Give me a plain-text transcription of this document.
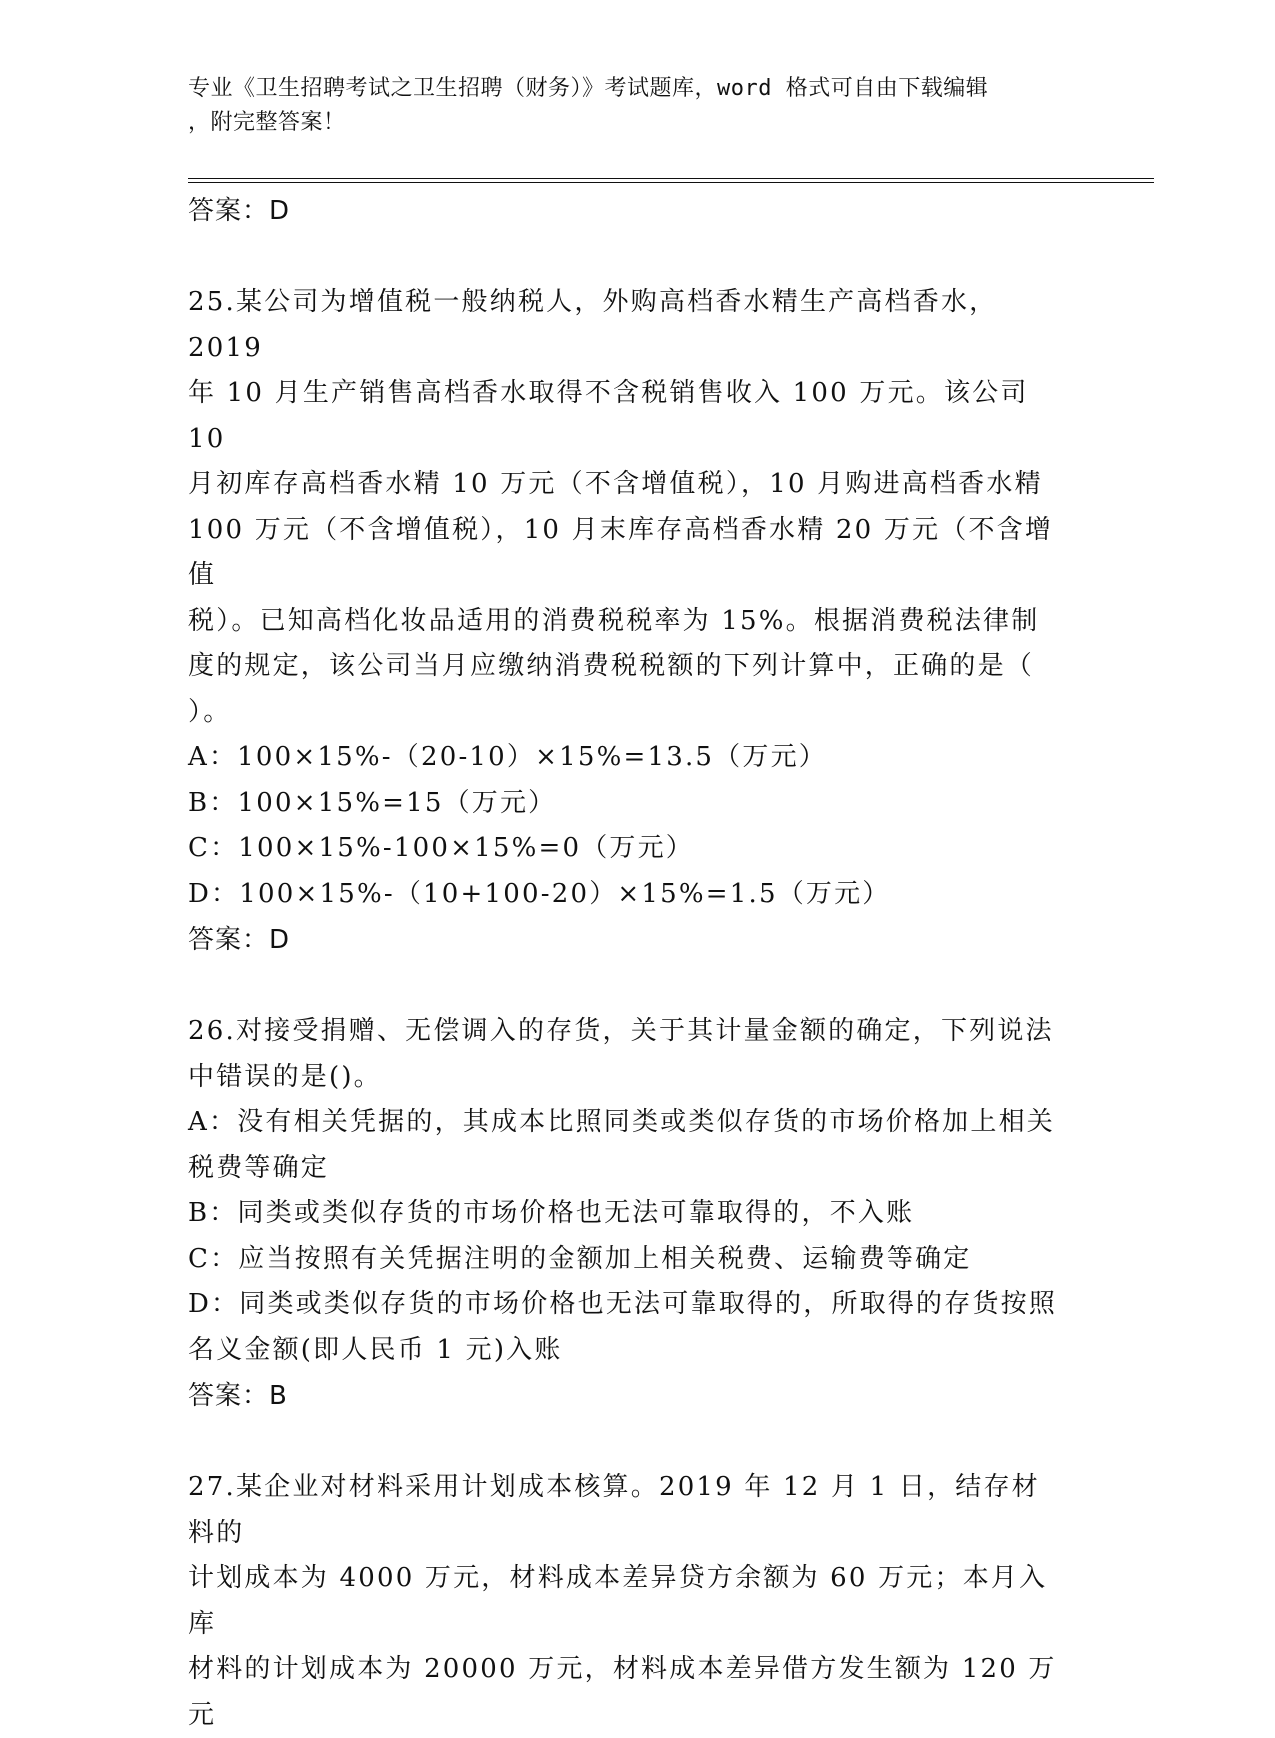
专业《卫生招聘考试之卫生招聘（财务）》考试题库，word 格式可自由下载编辑
，附完整答案！
答案：D
25.某公司为增值税一般纳税人，外购高档香水精生产高档香水，2019
年 10 月生产销售高档香水取得不含税销售收入 100 万元。该公司 10
月初库存高档香水精 10 万元（不含增值税），10 月购进高档香水精
100 万元（不含增值税），10 月末库存高档香水精 20 万元（不含增值
税）。已知高档化妆品适用的消费税税率为 15%。根据消费税法律制
度的规定，该公司当月应缴纳消费税税额的下列计算中，正确的是（
）。
A：100×15%-（20-10）×15%=13.5（万元）
B：100×15%=15（万元）
C：100×15%-100×15%=0（万元）
D：100×15%-（10+100-20）×15%=1.5（万元）
答案：D
26.对接受捐赠、无偿调入的存货，关于其计量金额的确定，下列说法
中错误的是()。
A：没有相关凭据的，其成本比照同类或类似存货的市场价格加上相关
税费等确定
B：同类或类似存货的市场价格也无法可靠取得的，不入账
C：应当按照有关凭据注明的金额加上相关税费、运输费等确定
D：同类或类似存货的市场价格也无法可靠取得的，所取得的存货按照
名义金额(即人民币 1 元)入账
答案：B
27.某企业对材料采用计划成本核算。2019 年 12 月 1 日，结存材料的
计划成本为 4000 万元，材料成本差异贷方余额为 60 万元；本月入库
材料的计划成本为 20000 万元，材料成本差异借方发生额为 120 万元
